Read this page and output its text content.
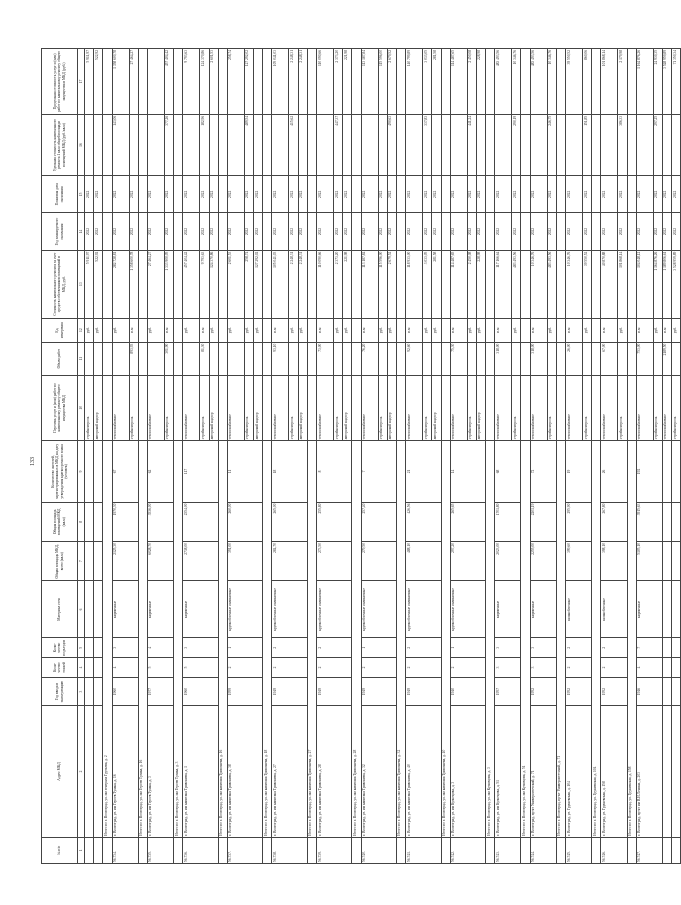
133
№ п/п	Адрес МКД	Год ввода в эксплуатацию	Коли-чество этажей	Коли-чество подъездов	Материал стен	Общая площадь МКД, всего (кв.м)	Общая площадь помещений МКД (кв.м)	Количество жителей, зарегистрированных в МКД на дату утверждения краткосрочного плана (человек)	Перечень услуг и (или) работ по капитальному ремонту общего имущества МКД	Объем работ	Ед. измерения	Стоимость капитального ремонта за счет средств собственников помещений в МКД, руб.	Год планируемого окончания	Плановая дата окончания	Удельная стоимость капитального ремонта 1 кв.м общей площади помещений МКД (руб./кв.м)	Предельная стоимость услуг и (или) работ по капитальному ремонту общего имущества в МКД (руб.)
1	2	3	4	5	6	7	8	9	10	11	12	13	14	15	16	17
									стройконтроль		руб.	5 911,97	2022	2022		5 911,97
									авторский надзор		руб.	522,92	2022	2022		522,92
	Итого по г. Волгоград, ул. им генерала Гуртьева, д. 2															
56.734.	г. Волгоград, ул. им Героев Тулака, д. 16	1960	4	3	кирпичные	2125,30	1970,30	67	теплоснабжение		руб.	282 728,81	2022	2022	143,06	1 358 600,78
									стройконтроль	893,93	п.м	1 358 600,78	2022	2022		27 464,27
	Итого по г. Волгоград, ул. им Героев Тулака, д. 16															
56.735.	г. Волгоград, ул. им Героев Тулака, д. 3	1977	5	4	кирпичные	6028,70	3536,00	62	теплоснабжение		руб.	27 464,27	2022	2022		
									стройконтроль	301,90	п.м	1 333 900,05	2022	2022	377,26	457 404,42
	Итого по г. Волгоград, ул. им Героев Тулака, д. 3															
56.736.	г. Волгоград, ул. им капитана Тривошева, д. 1	1960	5	3	кирпичные	2738,00	2354,00	117	теплоснабжение		руб.	457 404,42	2022	2022		9 793,63
									стройконтроль	81,30	п.м	9 793,63	2022	2022	182,96	124 370,86
									авторский надзор		руб.	124 370,86	2022	2022		2 601,53
	Итого по г. Волгоград, ул. им капитана Тривошева, д. 16															
56.737.	г. Волгоград, ул. им капитана Тривошева, д. 38	1959	2	1	крупноблочные силикатные	391,00	260,00	11	теплоснабжение		руб.	2 601,53	2022	2022		258,74
									стройконтроль		руб.	258,74	2022	2022	489,54	127 292,02
									авторский надзор		руб.	127 292,02	2022	2022		
	Итого по г. Волгоград, ул. им капитана Тривошева, д. 18															
56.738.	г. Волгоград, ул. им капитана Тривошева, д. 27	1949	2	2	крупноблочные силикатные	284,70	265,00	18	теплоснабжение	93,10	п.м	105 041,03	2022	2022		105 041,03
									стройконтроль		руб.	2 248,31	2022	2022	415,62	2 248,31
									авторский надзор		руб.	2 248,31	2022	2022		2 248,31
	Итого по г. Волгоград, ул. им капитана Тривошева, д. 27															
56.739.	г. Волгоград, ул. им капитана Тривошева, д. 28	1949	2	2	крупноблочные силикатные	273,50	255,80	8	теплоснабжение	73,00	п.м	110 090,66	2022	2022		110 090,66
									стройконтроль		руб.	2 373,20	2022	2022	447,37	2 373,20
									авторский надзор		руб.	221,98	2022	2022		221,98
	Итого по г. Волгоград, ул. им капитана Тривошева, д. 28															
56.740.	г. Волгоград, ул. им капитана Тривошева, д. 32	1949	2	1	крупноблочные силикатные	279,50	257,40	7	теплоснабжение	76,20	п.м	113 187,84	2022	2022		113 187,84
									стройконтроль		руб.	115 596,00	2022	2022		115 596,00
									авторский надзор		руб.	2 679,52	2022	2022	490,63	2 679,52
	Итого по г. Волгоград, ул. им капитана Тривошева, д. 32															
56.741.	г. Волгоград, ул. им капитана Тривошева, д. 40	1949	2	2	крупноблочные силикатные	488,10	426,56	21	теплоснабжение	92,60	п.м	118 933,00	2022	2022		140 799,89
									стройконтроль		руб.	3 033,05	2022	2022	337,83	3 033,05
									авторский надзор		руб.	281,58	2022	2022		281,58
	Итого по г. Волгоград, ул. им капитана Тривошева, д. 40															
56.742.	г. Волгоград, ул. им Кузнецова, д. 3	1940	2	1	крупноблочные силикатные	297,20	265,65	14	теплоснабжение	75,30	п.м	114 487,65	2022	2022		114 487,65
									стройконтроль		руб.	2 450,08	2022	2022	441,24	2 450,08
									авторский надзор		руб.	228,98	2022	2022		228,98
	Итого по г. Волгоград, ул. им Кузнецова, д. 3															
56.743.	г. Волгоград, ул. им Кузнецова, д. 51	1957	3	3	кирпичные	2023,00	1701,80	68	теплоснабжение	318,00	п.м	117 166,64	2022	2022		483 493,56
									стройконтроль		руб.	483 493,56	2022	2022	290,19	10 346,76
	Итого по г. Волгоград, ул. им Кузнецова, д. 51															
56.744.	г. Волгоград, пр-кт Университетский, д. 71	1952	3	3	кирпичные	2255,00	2201,19	72	теплоснабжение	318,00	п.м	10 346,76	2022	2022		483 493,56
									стройконтроль		руб.	483 493,56	2022	2022	246,75	10 346,76
	Итого по г. Волгоград, пр-кт Университетский, д. 71															
56.745.	г. Волгоград, ул. Грушевская, д. 104	1952	2	2	шлакоблочные	399,60	295,90	19	теплоснабжение	26,00	п.м	10 346,76	2022	2022		39 550,52
									стройконтроль		руб.	39 550,52	2022	2022	151,85	860,06
	Итого по г. Волгоград, ул. Грушевская, д. 104															
56.746.	г. Волгоград, ул. Грушевская, д. 158	1952	2	2	шлакоблочные	398,10	267,80	26	теплоснабжение	67,00	п.м	40 870,88	2022	2022		101 868,14
									стройконтроль		руб.	101 868,14	2022	2022	386,33	2 179,98
	Итого по г. Волгоград, ул. Грушевская, д. 158															
56.747.	г. Волгоград, пр-кт им В.И.Ленина, д. 203	1946	4	7	кирпичные	5105,10	3915,63	192	теплоснабжение	753,00	п.м	104 048,12	2022	2022		1 164 876,26
									стройконтроль		руб.	1 164 876,26	2022	2022	297,25	24 930,35
									теплоснабжение	2189,50	п.м	1 189 806,61	2022	2022		3 528 959,89
									стройконтроль		руб.	3 528 959,89	2022	2022		71 350,34
